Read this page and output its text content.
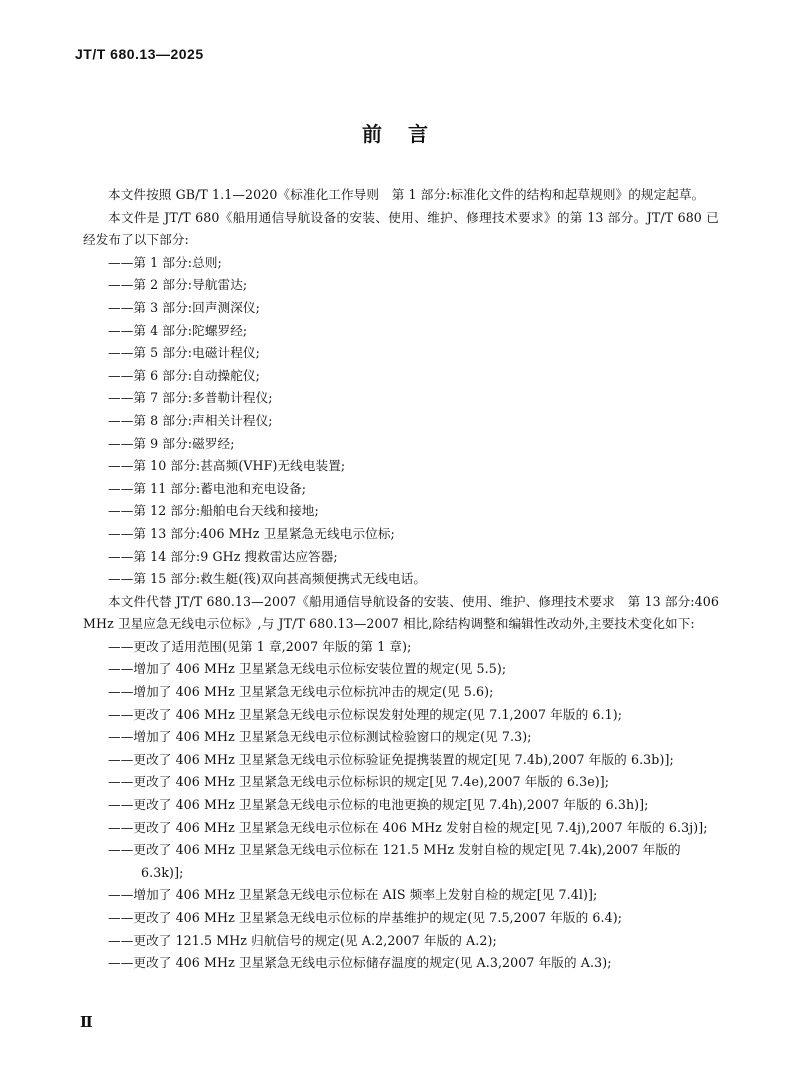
JT/T 680.13—2025
前言

本文件按照 GB/T 1.1—2020《标准化工作导则　第 1 部分:标准化文件的结构和起草规则》的规定起草。

本文件是 JT/T 680《船用通信导航设备的安装、使用、维护、修理技术要求》的第 13 部分。JT/T 680 已经发布了以下部分:

——第 1 部分:总则;

——第 2 部分:导航雷达;

——第 3 部分:回声测深仪;

——第 4 部分:陀螺罗经;

——第 5 部分:电磁计程仪;

——第 6 部分:自动操舵仪;

——第 7 部分:多普勒计程仪;

——第 8 部分:声相关计程仪;

——第 9 部分:磁罗经;

——第 10 部分:甚高频(VHF)无线电装置;

——第 11 部分:蓄电池和充电设备;

——第 12 部分:船舶电台天线和接地;

——第 13 部分:406 MHz 卫星紧急无线电示位标;

——第 14 部分:9 GHz 搜救雷达应答器;

——第 15 部分:救生艇(筏)双向甚高频便携式无线电话。

本文件代替 JT/T 680.13—2007《船用通信导航设备的安装、使用、维护、修理技术要求　第 13 部分:406 MHz 卫星应急无线电示位标》,与 JT/T 680.13—2007 相比,除结构调整和编辑性改动外,主要技术变化如下:

——更改了适用范围(见第 1 章,2007 年版的第 1 章);

——增加了 406 MHz 卫星紧急无线电示位标安装位置的规定(见 5.5);

——增加了 406 MHz 卫星紧急无线电示位标抗冲击的规定(见 5.6);

——更改了 406 MHz 卫星紧急无线电示位标误发射处理的规定(见 7.1,2007 年版的 6.1);

——增加了 406 MHz 卫星紧急无线电示位标测试检验窗口的规定(见 7.3);

——更改了 406 MHz 卫星紧急无线电示位标验证免提携装置的规定[见 7.4b),2007 年版的 6.3b)];

——更改了 406 MHz 卫星紧急无线电示位标标识的规定[见 7.4e),2007 年版的 6.3e)];

——更改了 406 MHz 卫星紧急无线电示位标的电池更换的规定[见 7.4h),2007 年版的 6.3h)];

——更改了 406 MHz 卫星紧急无线电示位标在 406 MHz 发射自检的规定[见 7.4j),2007 年版的 6.3j)];

——更改了 406 MHz 卫星紧急无线电示位标在 121.5 MHz 发射自检的规定[见 7.4k),2007 年版的 6.3k)];

——增加了 406 MHz 卫星紧急无线电示位标在 AIS 频率上发射自检的规定[见 7.4l)];

——更改了 406 MHz 卫星紧急无线电示位标的岸基维护的规定(见 7.5,2007 年版的 6.4);

——更改了 121.5 MHz 归航信号的规定(见 A.2,2007 年版的 A.2);

——更改了 406 MHz 卫星紧急无线电示位标储存温度的规定(见 A.3,2007 年版的 A.3);

Ⅱ
